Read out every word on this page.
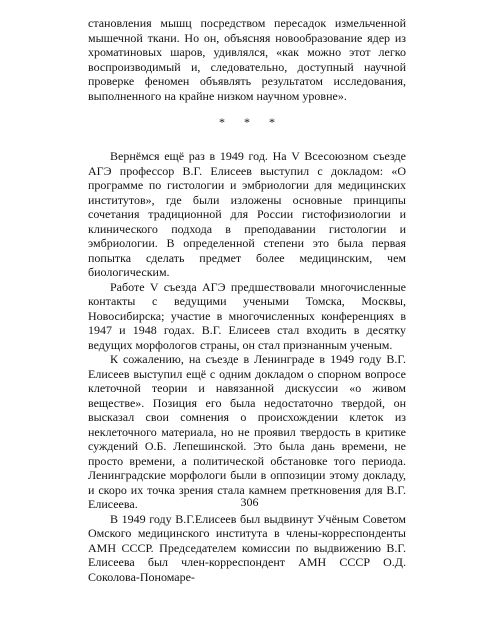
становления мышц посредством пересадок измельченной мышечной ткани. Но он, объясняя новообразование ядер из хроматиновых шаров, удивлялся, «как можно этот легко воспроизводимый и, следовательно, доступный научной проверке феномен объявлять результатом исследования, выполненного на крайне низком научном уровне».

* * *

Вернёмся ещё раз в 1949 год. На V Всесоюзном съезде АГЭ профессор В.Г. Елисеев выступил с докладом: «О программе по гистологии и эмбриологии для медицинских институтов», где были изложены основные принципы сочетания традиционной для России гистофизиологии и клинического подхода в преподавании гистологии и эмбриологии. В определенной степени это была первая попытка сделать предмет более медицинским, чем биологическим.

Работе V съезда АГЭ предшествовали многочисленные контакты с ведущими учеными Томска, Москвы, Новосибирска; участие в многочисленных конференциях в 1947 и 1948 годах. В.Г. Елисеев стал входить в десятку ведущих морфологов страны, он стал признанным ученым.

К сожалению, на съезде в Ленинграде в 1949 году В.Г. Елисеев выступил ещё с одним докладом о спорном вопросе клеточной теории и навязанной дискуссии «о живом веществе». Позиция его была недостаточно твердой, он высказал свои сомнения о происхождении клеток из неклеточного материала, но не проявил твердость в критике суждений О.Б. Лепешинской. Это была дань времени, не просто времени, а политической обстановке того периода. Ленинградские морфологи были в оппозиции этому докладу, и скоро их точка зрения стала камнем преткновения для В.Г. Елисеева.

В 1949 году В.Г.Елисеев был выдвинут Учёным Советом Омского медицинского института в члены-корреспонденты АМН СССР. Председателем комиссии по выдвижению В.Г. Елисеева был член-корреспондент АМН СССР О.Д. Соколова-Пономаре-

306
